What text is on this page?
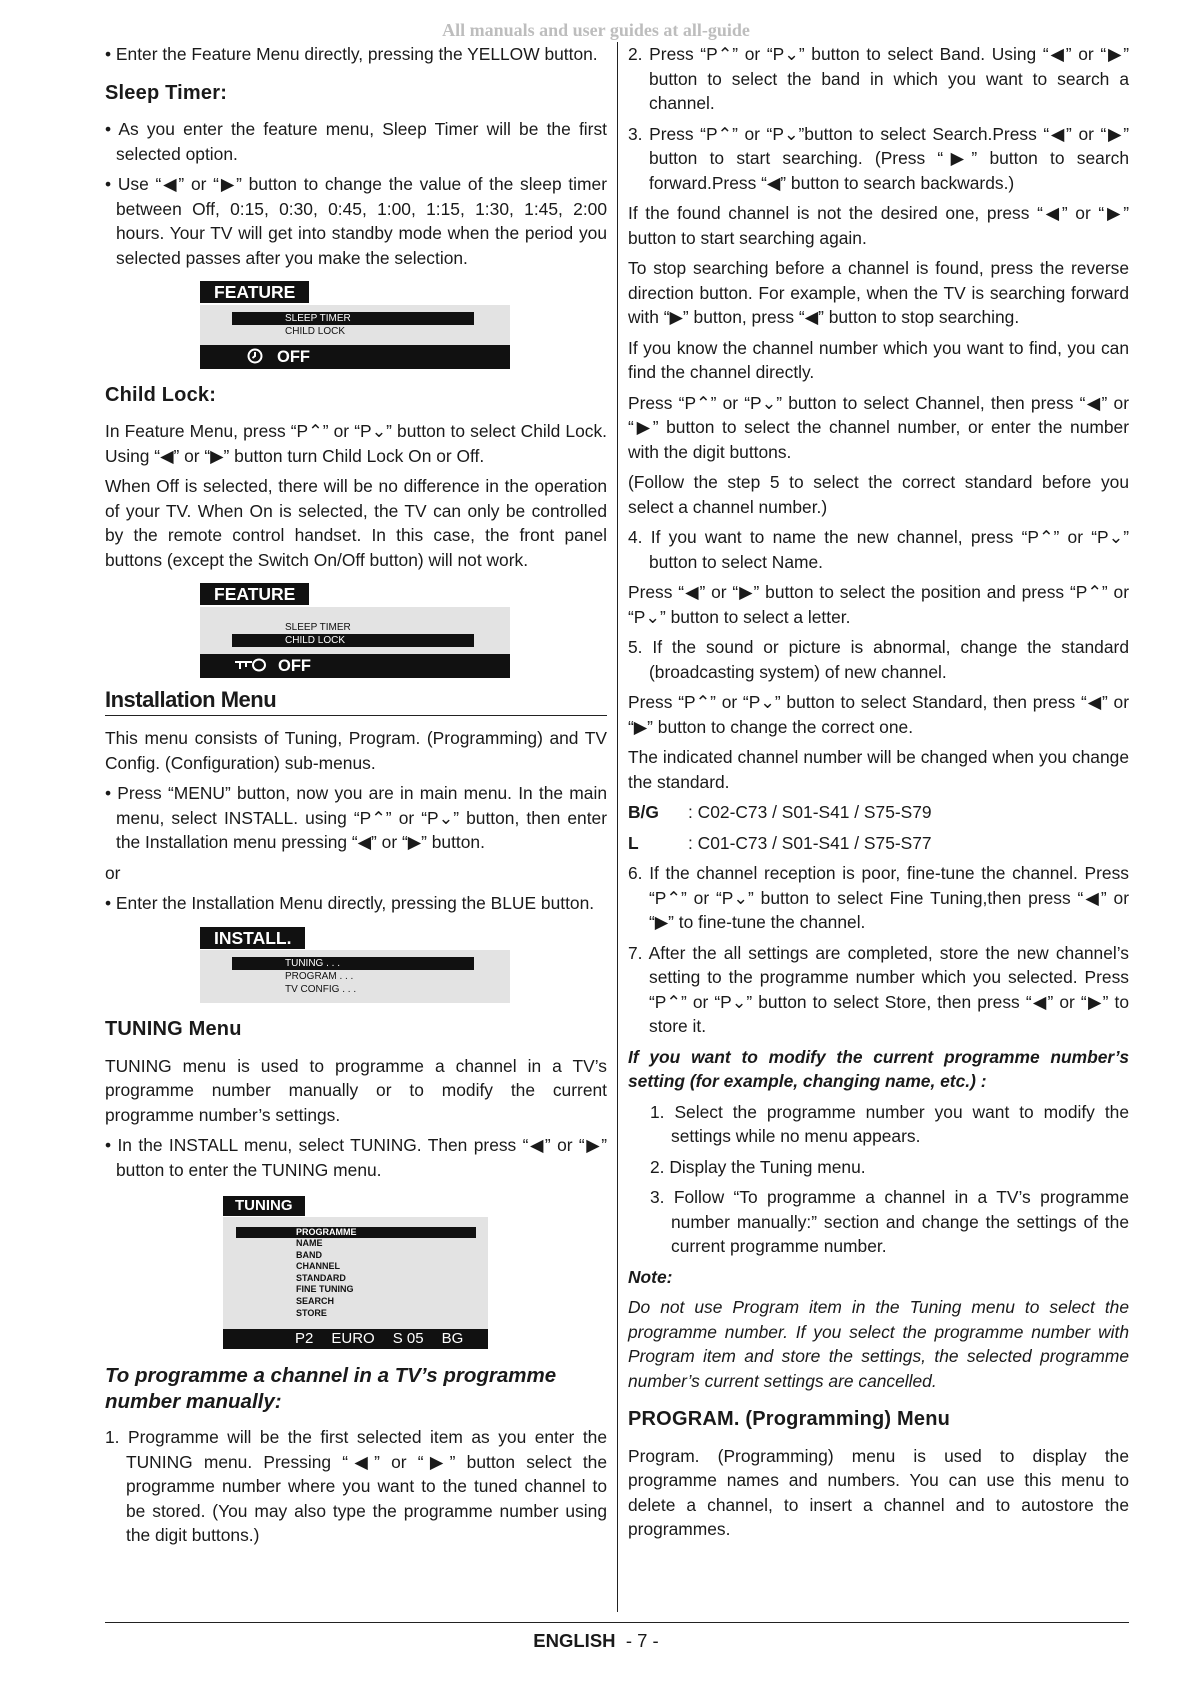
All manuals and user guides at all-guide

• Enter the Feature Menu directly, pressing the YELLOW button.

Sleep Timer:

• As you enter the feature menu, Sleep Timer will be the first selected option.

• Use “◀” or “▶” button to change the value of the sleep timer between Off, 0:15, 0:30, 0:45, 1:00, 1:15, 1:30, 1:45, 2:00 hours. Your TV will get into standby mode when the period you selected passes after you make the selection.

FEATURE
SLEEP TIMER
CHILD LOCK
OFF
Child Lock:

In Feature Menu, press “P⌃” or “P⌄” button to select Child Lock. Using “◀” or “▶” button turn Child Lock On or Off.

When Off is selected, there will be no difference in the operation of your TV. When On is selected, the TV can only be controlled by the remote control handset. In this case, the front panel buttons (except the Switch On/Off button) will not work.

FEATURE
SLEEP TIMER
CHILD LOCK
OFF
Installation Menu

This menu consists of Tuning, Program. (Programming) and TV Config. (Configuration) sub-menus.

• Press “MENU” button, now you are in main menu. In the main menu, select INSTALL. using “P⌃” or “P⌄” button, then enter the Installation menu pressing “◀” or “▶” button.

or

• Enter the Installation Menu directly, pressing the BLUE button.

INSTALL.
TUNING . . .
PROGRAM . . .
TV CONFIG . . .
TUNING Menu

TUNING menu is used to programme a channel in a TV’s programme number manually or to modify the current programme number’s settings.

• In the INSTALL menu, select TUNING. Then press “◀” or “▶” button to enter the TUNING menu.

TUNING
PROGRAMME
NAME
BAND
CHANNEL
STANDARD
FINE TUNING
SEARCH
STORE
P2 EURO S 05 BG
To programme a channel in a TV’s programme number manually:

1. Programme will be the first selected item as you enter the TUNING menu. Pressing “◀” or “▶” button select the programme number where you want to the tuned channel to be stored. (You may also type the programme number using the digit buttons.)

2. Press “P⌃” or “P⌄” button to select Band. Using “◀” or “▶” button to select the band in which you want to search a channel.

3. Press “P⌃” or “P⌄”button to select Search.Press “◀” or “▶” button to start searching. (Press “▶” button to search forward.Press “◀” button to search backwards.)

If the found channel is not the desired one, press “◀” or “▶” button to start searching again.

To stop searching before a channel is found, press the reverse direction button. For example, when the TV is searching forward with “▶” button, press “◀” button to stop searching.

If you know the channel number which you want to find, you can find the channel directly.

Press “P⌃” or “P⌄” button to select Channel, then press “◀” or “▶” button to select the channel number, or enter the number with the digit buttons.

(Follow the step 5 to select the correct standard before you select a channel number.)

4. If you want to name the new channel, press “P⌃” or “P⌄” button to select Name.

Press “◀” or “▶” button to select the position and press “P⌃” or “P⌄” button to select a letter.

5. If the sound or picture is abnormal, change the standard (broadcasting system) of new channel.

Press “P⌃” or “P⌄” button to select Standard, then press “◀” or “▶” button to change the correct one.

The indicated channel number will be changed when you change the standard.

B/G : C02-C73 / S01-S41 / S75-S79

L	: C01-C73 / S01-S41 / S75-S77

6. If the channel reception is poor, fine-tune the channel. Press “P⌃” or “P⌄” button to select Fine Tuning,then press “◀” or “▶” to fine-tune the channel.

7. After the all settings are completed, store the new channel’s setting to the programme number which you selected. Press “P⌃” or “P⌄” button to select Store, then press “◀” or “▶” to store it.

If you want to modify the current programme number’s setting (for example, changing name, etc.) :

1. Select the programme number you want to modify the settings while no menu appears.

2. Display the Tuning menu.

3. Follow “To programme a channel in a TV’s programme number manually:” section and change the settings of the current programme number.

Note:

Do not use Program item in the Tuning menu to select the programme number. If you select the programme number with Program item and store the settings, the selected programme number’s current settings are cancelled.

PROGRAM. (Programming) Menu

Program. (Programming) menu is used to display the programme names and numbers. You can use this menu to delete a channel, to insert a channel and to autostore the programmes.

ENGLISH - 7 -
